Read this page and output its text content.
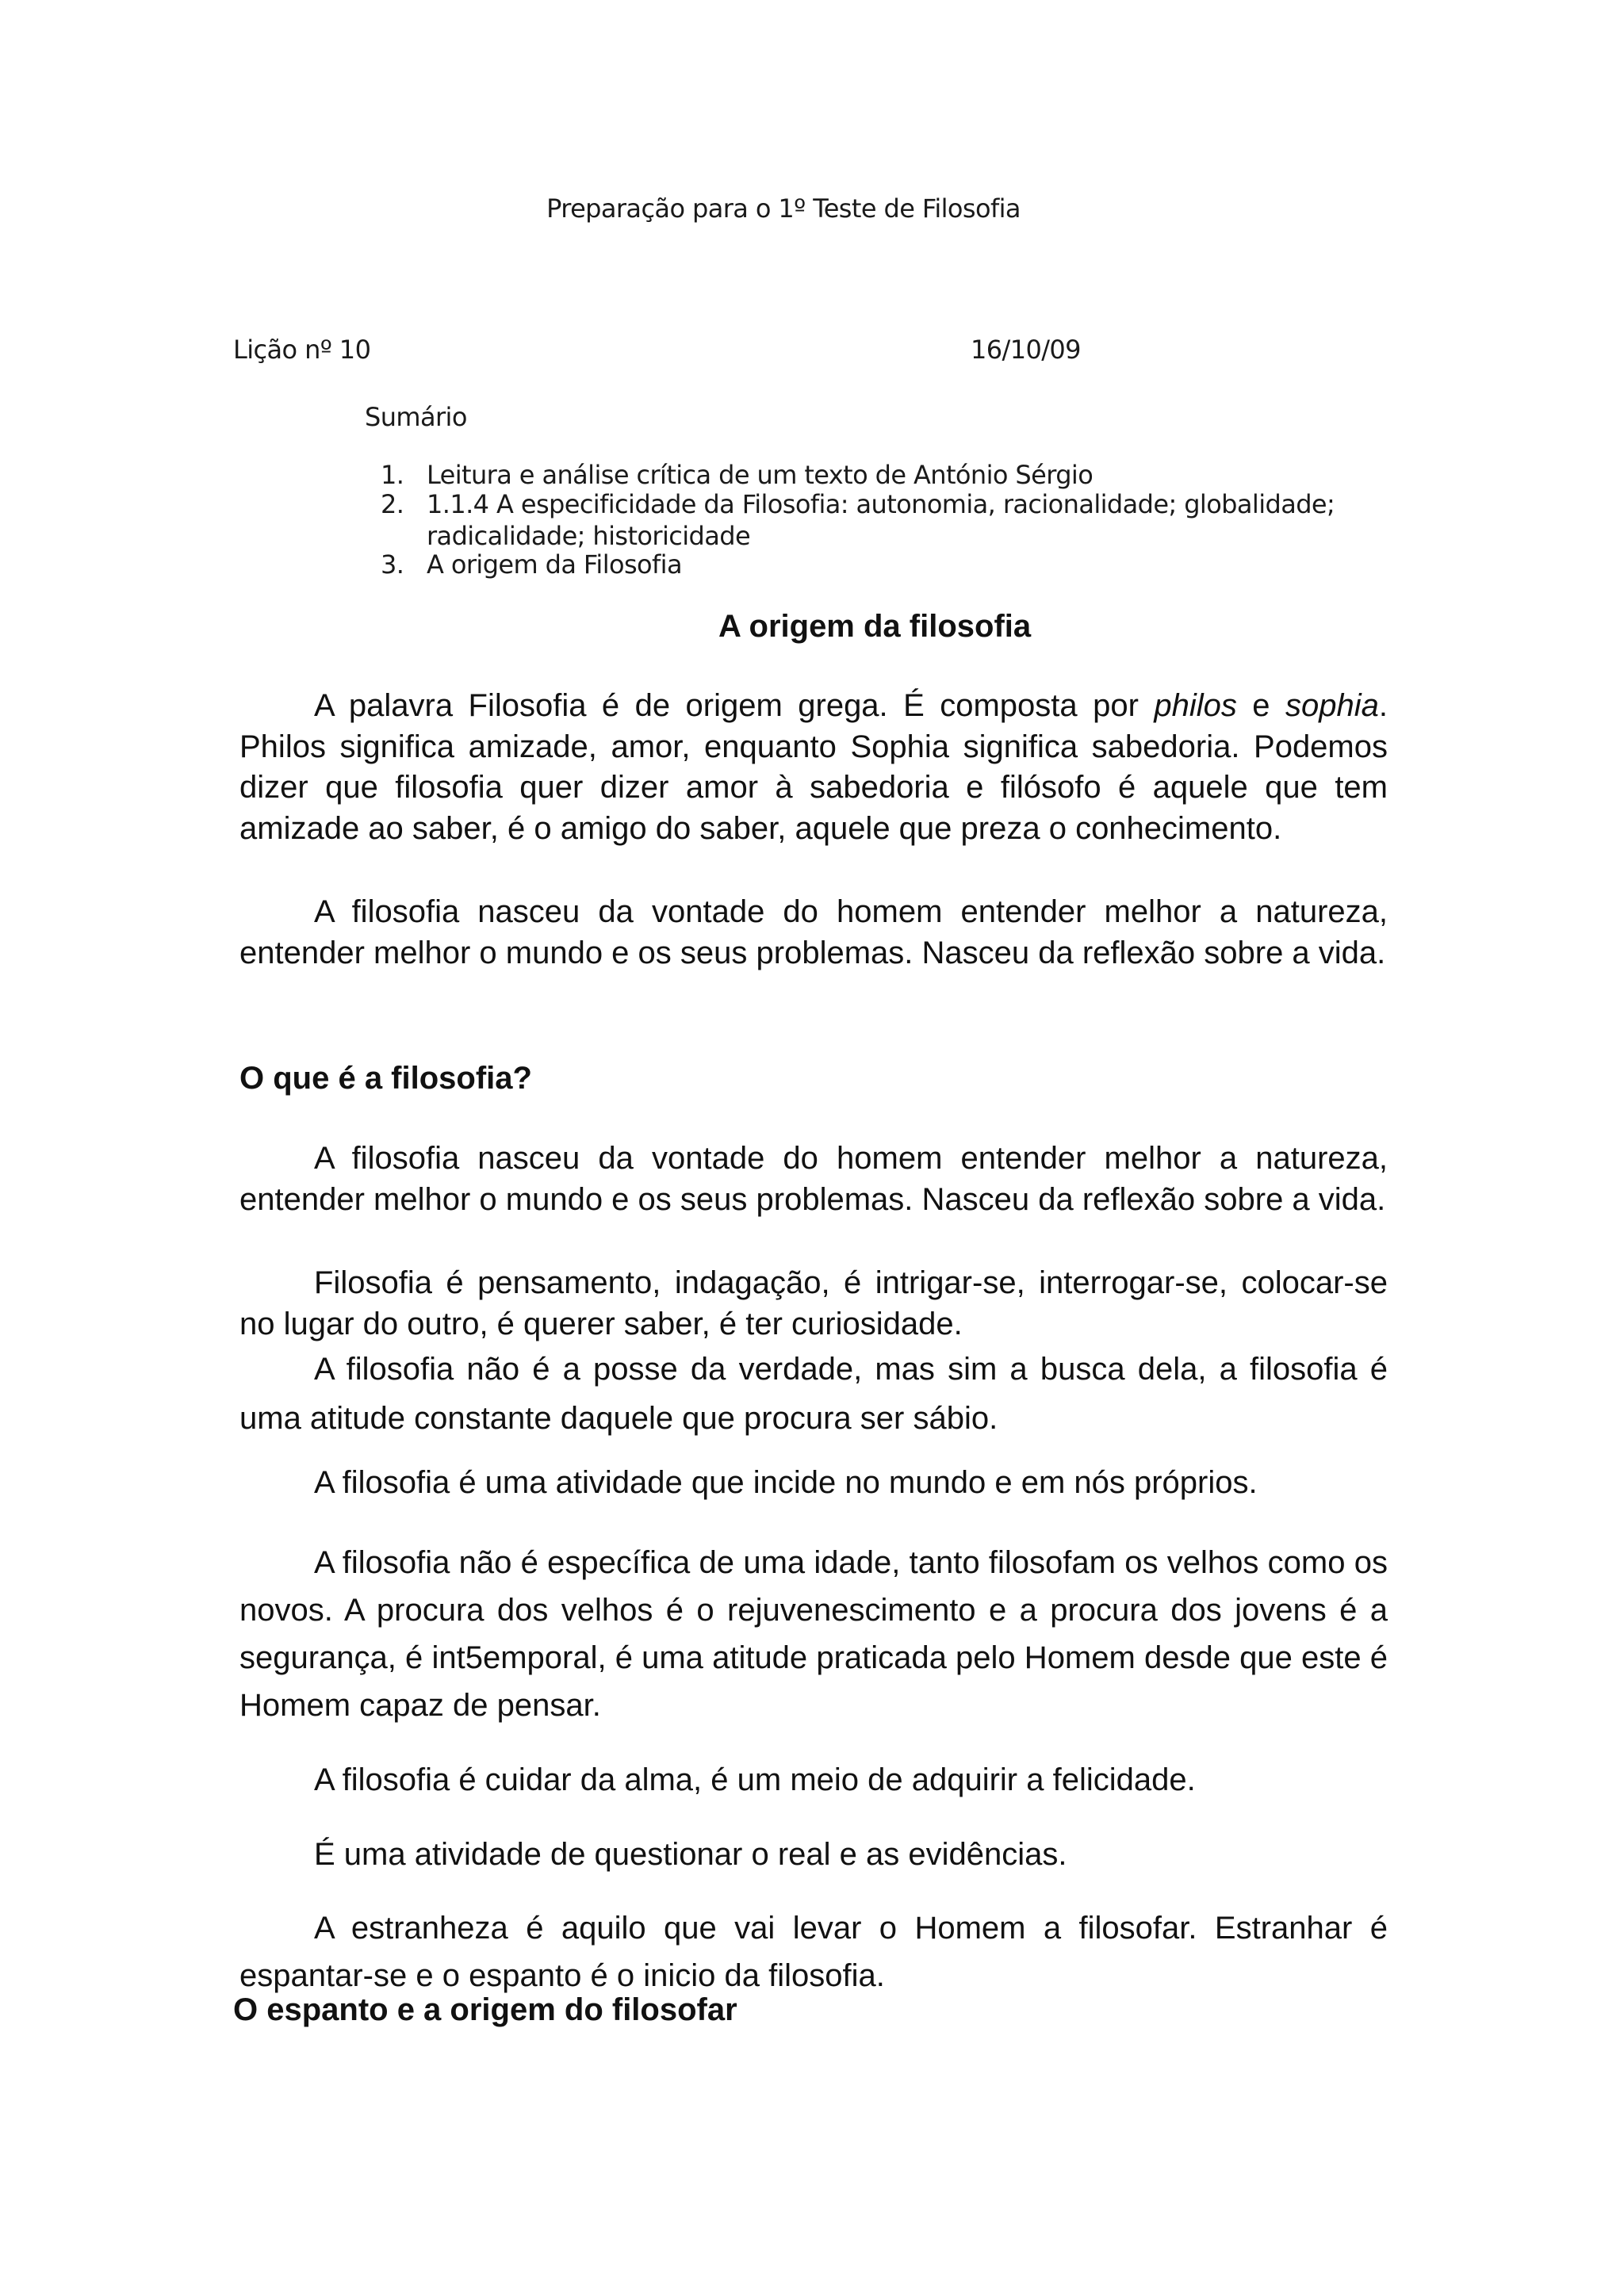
Preparação para o 1º Teste de Filosofia
Lição nº 10	16/10/09
Sumário
1. Leitura e análise crítica de um texto de António Sérgio
2. 1.1.4 A especificidade da Filosofia: autonomia, racionalidade; globalidade; radicalidade; historicidade
3. A origem da Filosofia
A origem da filosofia
A palavra Filosofia é de origem grega. É composta por philos e sophia. Philos significa amizade, amor, enquanto Sophia significa sabedoria. Podemos dizer que filosofia quer dizer amor à sabedoria e filósofo é aquele que tem amizade ao saber, é o amigo do saber, aquele que preza o conhecimento.
A filosofia nasceu da vontade do homem entender melhor a natureza, entender melhor o mundo e os seus problemas. Nasceu da reflexão sobre a vida.
O que é a filosofia?
A filosofia nasceu da vontade do homem entender melhor a natureza, entender melhor o mundo e os seus problemas. Nasceu da reflexão sobre a vida.
Filosofia é pensamento, indagação, é intrigar-se, interrogar-se, colocar-se no lugar do outro, é querer saber, é ter curiosidade.
A filosofia não é a posse da verdade, mas sim a busca dela, a filosofia é uma atitude constante daquele que procura ser sábio.
A filosofia é uma atividade que incide no mundo e em nós próprios.
A filosofia não é específica de uma idade, tanto filosofam os velhos como os novos. A procura dos velhos é o rejuvenescimento e a procura dos jovens é a segurança, é int5emporal, é uma atitude praticada pelo Homem desde que este é Homem capaz de pensar.
A filosofia é cuidar da alma, é um meio de adquirir a felicidade.
É uma atividade de questionar o real e as evidências.
A estranheza é aquilo que vai levar o Homem a filosofar. Estranhar é espantar-se e o espanto é o inicio da filosofia.
O espanto e a origem do filosofar
